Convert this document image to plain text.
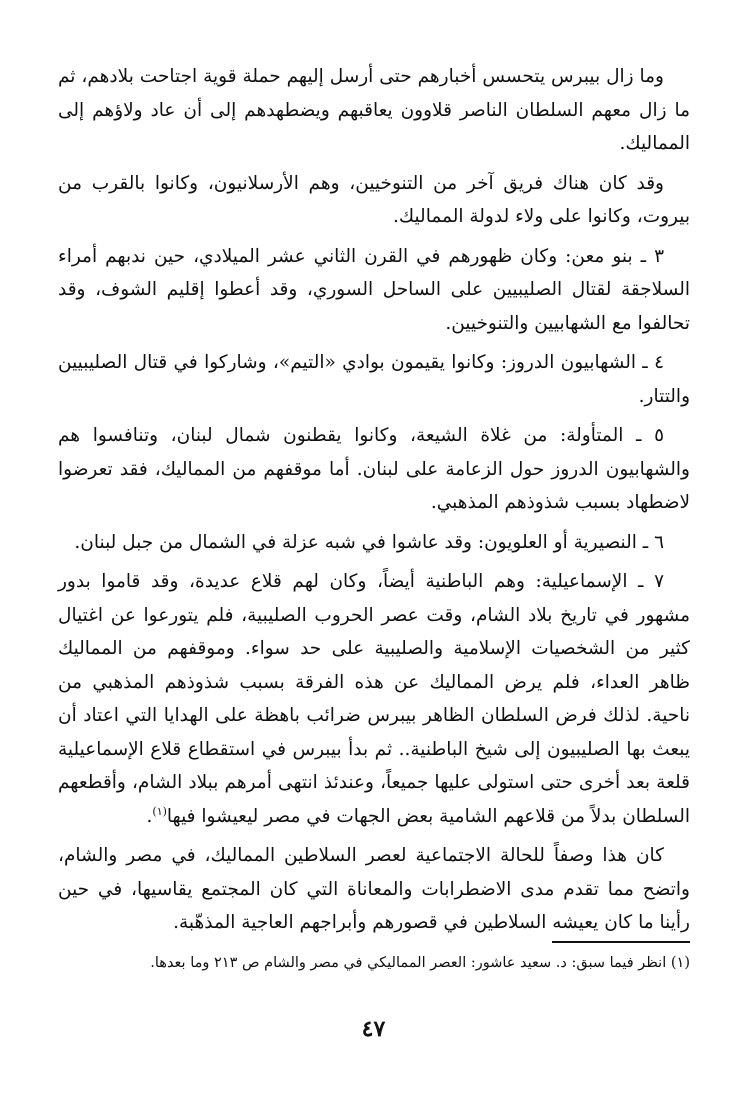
وما زال بيبرس يتحسس أخبارهم حتى أرسل إليهم حملة قوية اجتاحت بلادهم، ثم ما زال معهم السلطان الناصر قلاوون يعاقبهم ويضطهدهم إلى أن عاد ولاؤهم إلى المماليك.

وقد كان هناك فريق آخر من التنوخيين، وهم الأرسلانيون، وكانوا بالقرب من بيروت، وكانوا على ولاء لدولة المماليك.

٣ ـ بنو معن: وكان ظهورهم في القرن الثاني عشر الميلادي، حين ندبهم أمراء السلاجقة لقتال الصليبيين على الساحل السوري، وقد أعطوا إقليم الشوف، وقد تحالفوا مع الشهابيين والتنوخيين.

٤ ـ الشهابيون الدروز: وكانوا يقيمون بوادي «التيم»، وشاركوا في قتال الصليبيين والتتار.

٥ ـ المتأولة: من غلاة الشيعة، وكانوا يقطنون شمال لبنان، وتنافسوا هم والشهابيون الدروز حول الزعامة على لبنان. أما موقفهم من المماليك، فقد تعرضوا لاضطهاد بسبب شذوذهم المذهبي.

٦ ـ النصيرية أو العلويون: وقد عاشوا في شبه عزلة في الشمال من جبل لبنان.

٧ ـ الإسماعيلية: وهم الباطنية أيضاً، وكان لهم قلاع عديدة، وقد قاموا بدور مشهور في تاريخ بلاد الشام، وقت عصر الحروب الصليبية، فلم يتورعوا عن اغتيال كثير من الشخصيات الإسلامية والصليبية على حد سواء. وموقفهم من المماليك ظاهر العداء، فلم يرض المماليك عن هذه الفرقة بسبب شذوذهم المذهبي من ناحية. لذلك فرض السلطان الظاهر بيبرس ضرائب باهظة على الهدايا التي اعتاد أن يبعث بها الصليبيون إلى شيخ الباطنية.. ثم بدأ بيبرس في استقطاع قلاع الإسماعيلية قلعة بعد أخرى حتى استولى عليها جميعاً، وعندئذ انتهى أمرهم ببلاد الشام، وأقطعهم السلطان بدلاً من قلاعهم الشامية بعض الجهات في مصر ليعيشوا فيها$^{(١)}$.

كان هذا وصفاً للحالة الاجتماعية لعصر السلاطين المماليك، في مصر والشام، واتضح مما تقدم مدى الاضطرابات والمعاناة التي كان المجتمع يقاسيها، في حين رأينا ما كان يعيشه السلاطين في قصورهم وأبراجهم العاجية المذهّبة.

(١) انظر فيما سبق: د. سعيد عاشور: العصر المماليكي في مصر والشام ص ٢١٣ وما بعدها.
٤٧
